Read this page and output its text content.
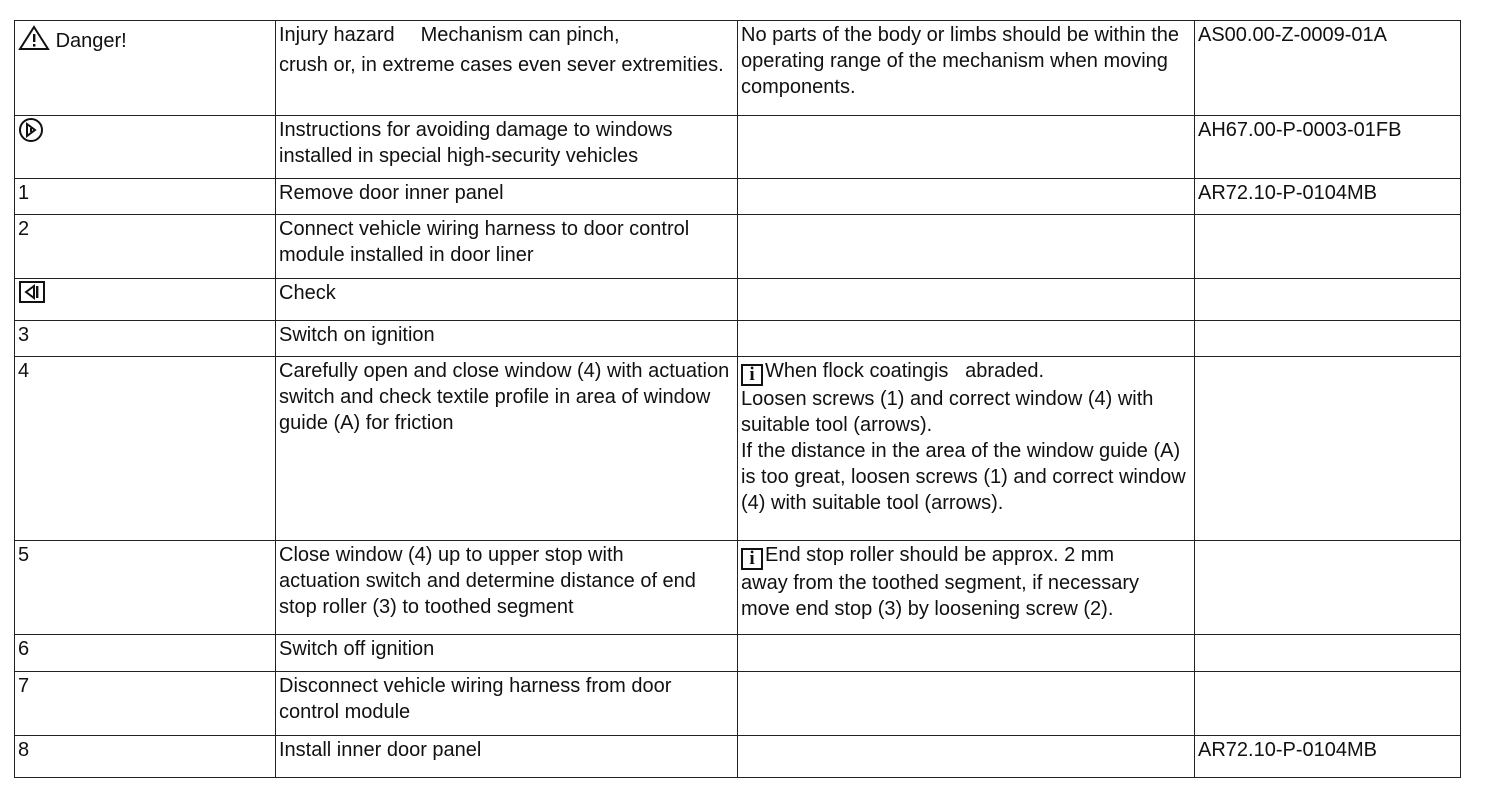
Danger!	Injury hazard Mechanism can pinch,
crush or, in extreme cases even sever extremities.	No parts of the body or limbs should be within the operating range of the mechanism when moving components.	AS00.00-Z-0009-01A
	Instructions for avoiding damage to windows installed in special high-security vehicles		AH67.00-P-0003-01FB
1	Remove door inner panel		AR72.10-P-0104MB
2	Connect vehicle wiring harness to door control module installed in door liner		
	Check		
3	Switch on ignition		
4	Carefully open and close window (4) with actuation switch and check textile profile in area of window guide (A) for friction	i When flock coatingis   abraded.
Loosen screws (1) and correct window (4) with suitable tool (arrows).
If the distance in the area of the window guide (A) is too great, loosen screws (1) and correct window (4) with suitable tool (arrows).	
5	Close window (4) up to upper stop with
actuation switch and determine distance of end
stop roller (3) to toothed segment	i End stop roller should be approx. 2 mm
away from the toothed segment, if necessary move end stop (3) by loosening screw (2).	
6	Switch off ignition		
7	Disconnect vehicle wiring harness from door control module		
8	Install inner door panel		AR72.10-P-0104MB
